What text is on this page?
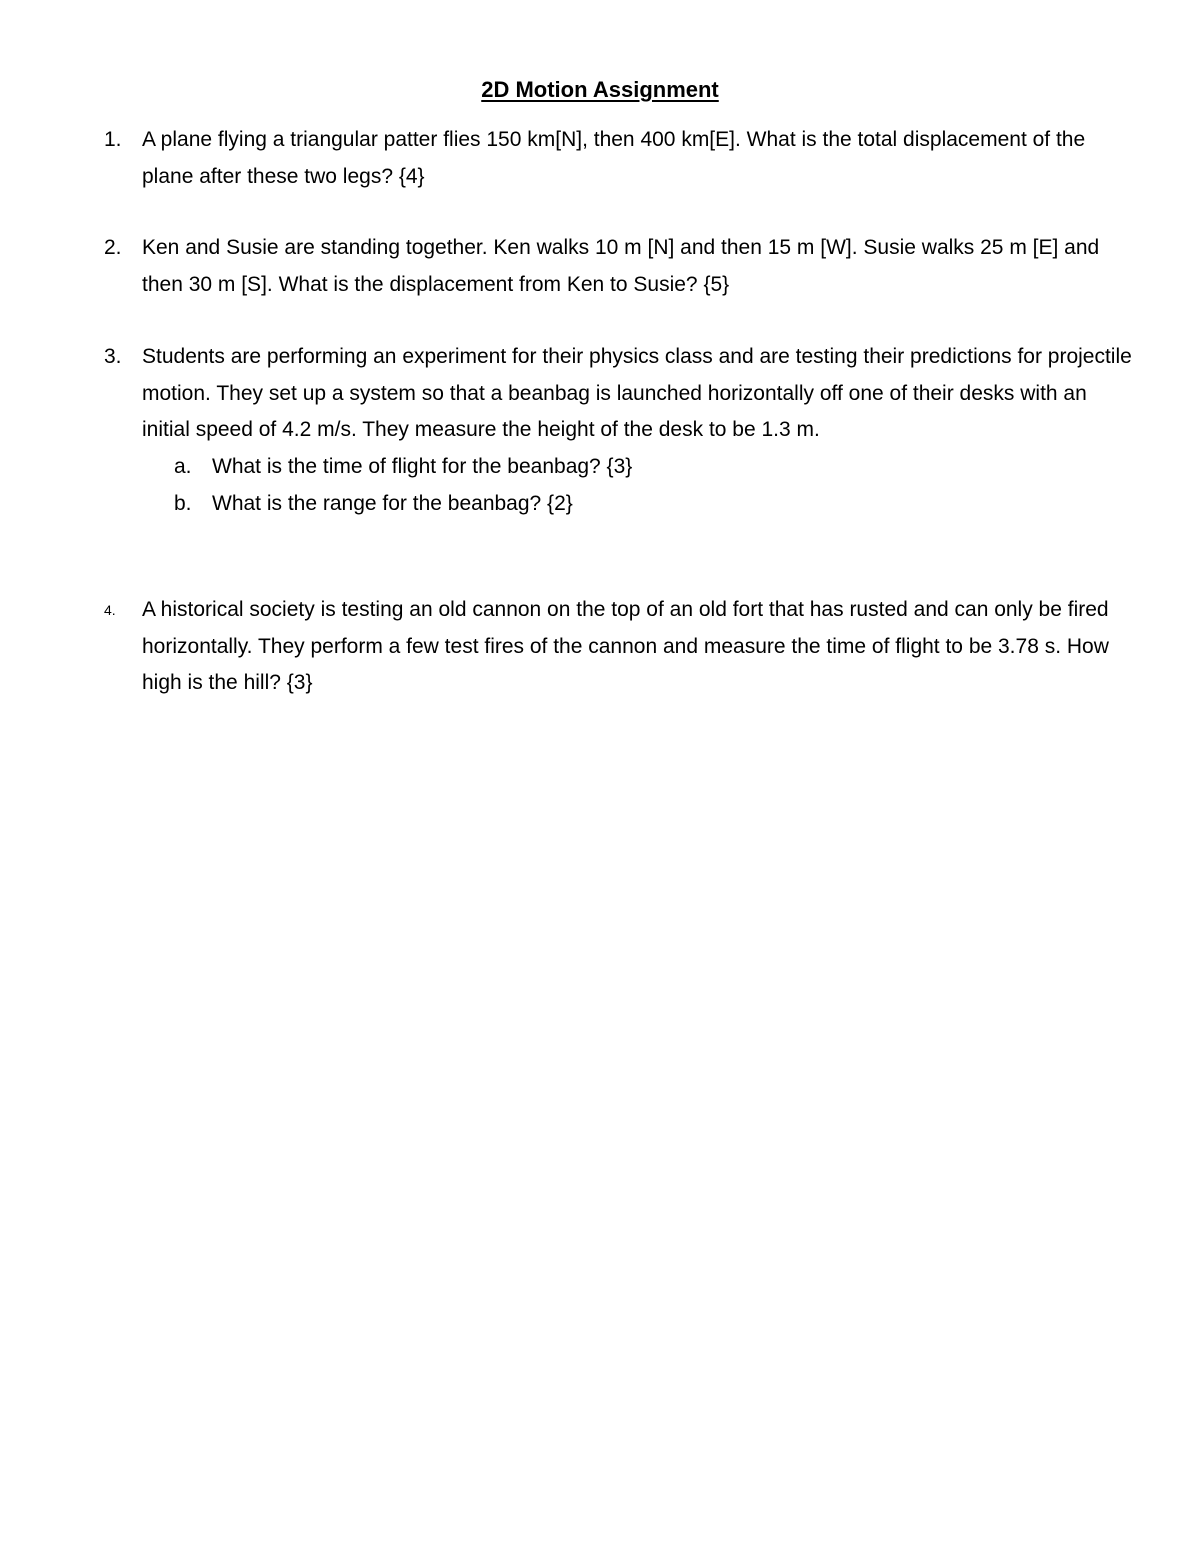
2D Motion Assignment
1. A plane flying a triangular patter flies 150 km[N], then 400 km[E]. What is the total displacement of the plane after these two legs? {4}
2. Ken and Susie are standing together. Ken walks 10 m [N] and then 15 m [W]. Susie walks 25 m [E] and then 30 m [S]. What is the displacement from Ken to Susie? {5}
3. Students are performing an experiment for their physics class and are testing their predictions for projectile motion. They set up a system so that a beanbag is launched horizontally off one of their desks with an initial speed of 4.2 m/s. They measure the height of the desk to be 1.3 m.
a. What is the time of flight for the beanbag? {3}
b. What is the range for the beanbag? {2}
4.	A historical society is testing an old cannon on the top of an old fort that has rusted and can only be fired horizontally. They perform a few test fires of the cannon and measure the time of flight to be 3.78 s. How high is the hill? {3}
